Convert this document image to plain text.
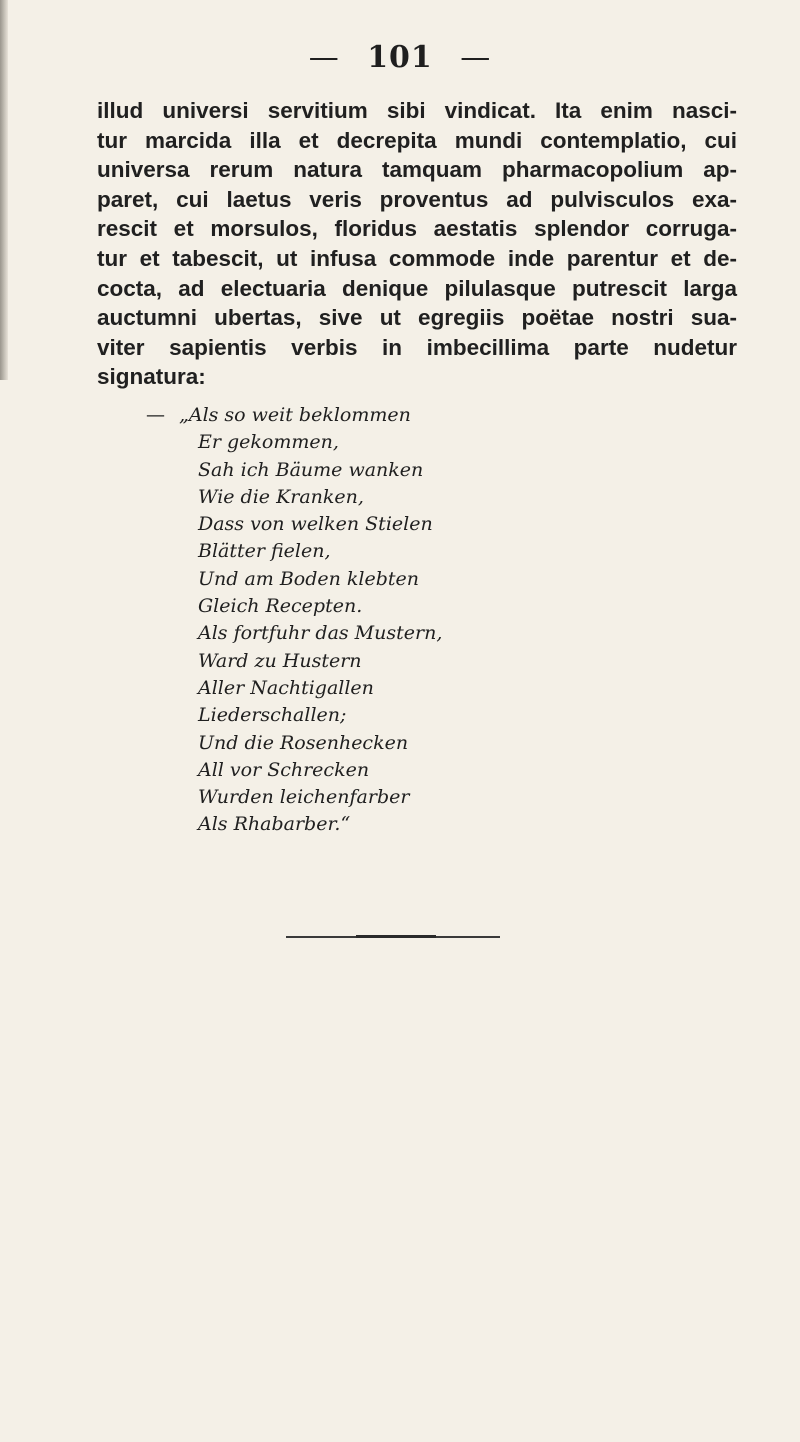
— 101 —
illud universi servitium sibi vindicat. Ita enim nasci-
tur marcida illa et decrepita mundi contemplatio, cui
universa rerum natura tamquam pharmacopolium ap-
paret, cui laetus veris proventus ad pulvisculos exa-
rescit et morsulos, floridus aestatis splendor corruga-
tur et tabescit, ut infusa commode inde parentur et de-
cocta, ad electuaria denique pilulasque putrescit larga
auctumni ubertas, sive ut egregiis poëtae nostri sua-
viter sapientis verbis in imbecillima parte nudetur
signatura:
— „Als so weit beklommen
Er gekommen,
Sah ich Bäume wanken
Wie die Kranken,
Dass von welken Stielen
Blätter fielen,
Und am Boden klebten
Gleich Recepten.
Als fortfuhr das Mustern,
Ward zu Hustern
Aller Nachtigallen
Liederschallen;
Und die Rosenhecken
All vor Schrecken
Wurden leichenfarber
Als Rhabarber.“
